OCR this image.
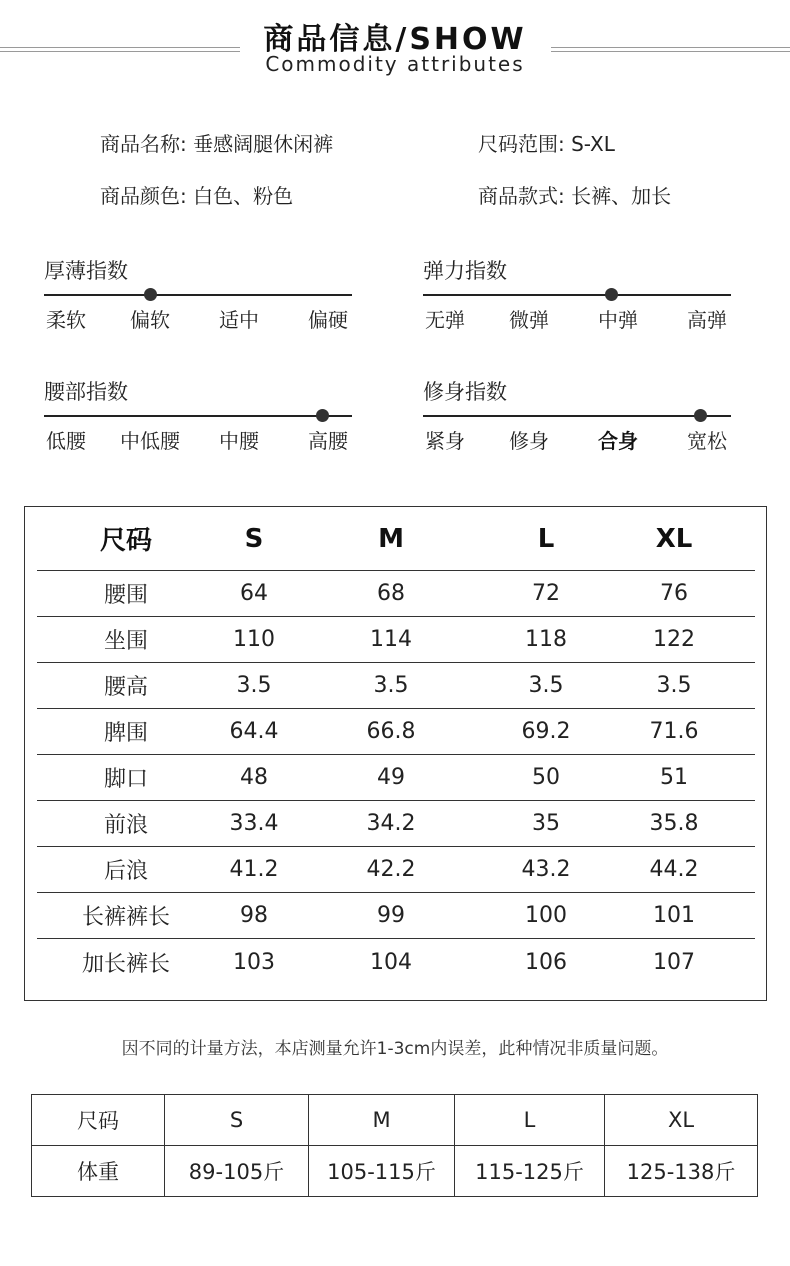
商品信息/SHOW
Commodity attributes
商品名称: 垂感阔腿休闲裤	尺码范围: S-XL
商品颜色: 白色、粉色	商品款式: 长裤、加长
厚薄指数
柔软 偏软 适中 偏硬
弹力指数
无弹 微弹 中弹 高弹
腰部指数
低腰 中低腰 中腰 高腰
修身指数
紧身 修身 合身 宽松
尺码	S	M	L	XL
腰围	64	68	72	76
坐围	110	114	118	122
腰高	3.5	3.5	3.5	3.5
脾围	64.4	66.8	69.2	71.6
脚口	48	49	50	51
前浪	33.4	34.2	35	35.8
后浪	41.2	42.2	43.2	44.2
长裤裤长	98	99	100	101
加长裤长	103	104	106	107
因不同的计量方法，本店测量允许1-3cm内误差，此种情况非质量问题。
尺码	S	M	L	XL
体重	89-105斤	105-115斤	115-125斤	125-138斤
